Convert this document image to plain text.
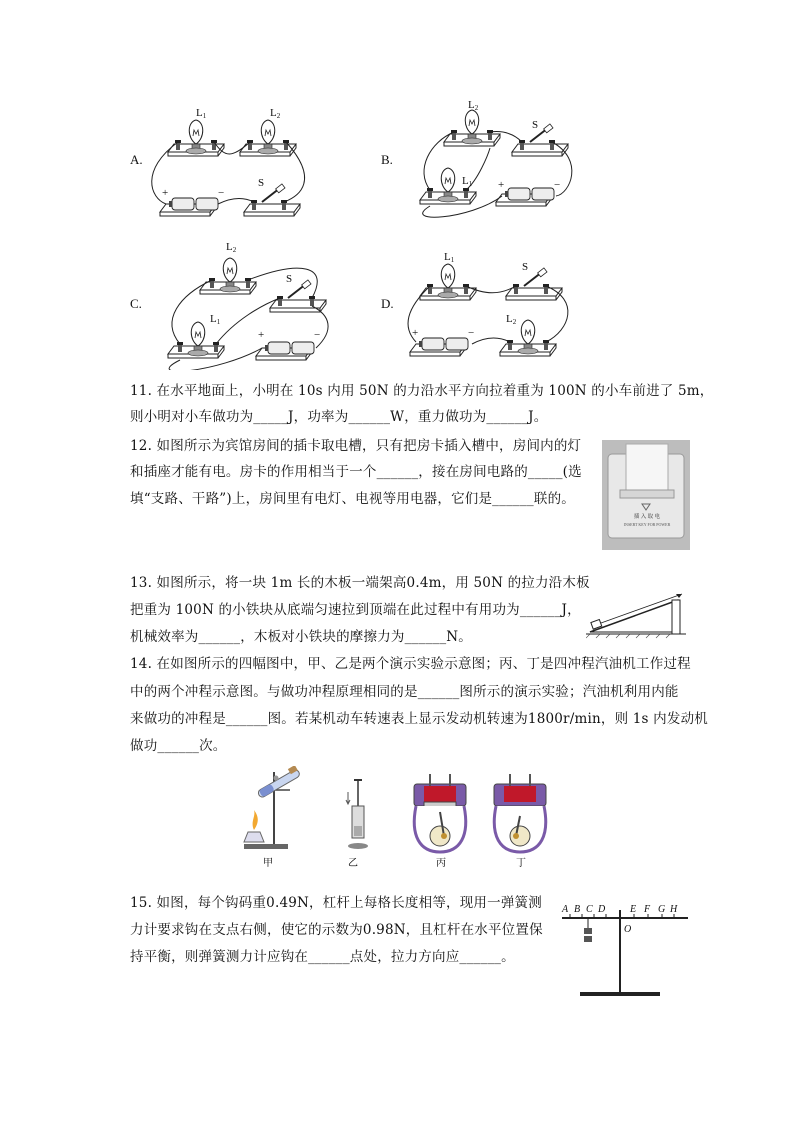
A.	B.
C.	D.
L1	L2
S
+	−
L2
S
L1 +	−
L2
S
L1
+	−
L1
S
L2
+	−
11. 在水平地面上，小明在 10s 内用 50N 的力沿水平方向拉着重为 100N 的小车前进了 5m，
则小明对小车做功为_____J，功率为______W，重力做功为______J。
12. 如图所示为宾馆房间的插卡取电槽，只有把房卡插入槽中，房间内的灯
和插座才能有电。房卡的作用相当于一个______，接在房间电路的_____(选
填“支路、干路”)上，房间里有电灯、电视等用电器，它们是______联的。
插 入 取 电
INSERT KEY FOR POWER
13. 如图所示，将一块 1m 长的木板一端架高0.4m，用 50N 的拉力沿木板
把重为 100N 的小铁块从底端匀速拉到顶端在此过程中有用功为______J，
机械效率为______，木板对小铁块的摩擦力为______N。
14. 在如图所示的四幅图中，甲、乙是两个演示实验示意图；丙、丁是四冲程汽油机工作过程
中的两个冲程示意图。与做功冲程原理相同的是______图所示的演示实验；汽油机利用内能
来做功的冲程是______图。若某机动车转速表上显示发动机转速为1800r/min，则 1s 内发动机
做功______次。
甲	乙	丙	丁
15. 如图，每个钩码重0.49N，杠杆上每格长度相等，现用一弹簧测
力计要求钩在支点右侧，使它的示数为0.98N，且杠杆在水平位置保
持平衡，则弹簧测力计应钩在______点处，拉力方向应______。
A B C D E F G H
O
